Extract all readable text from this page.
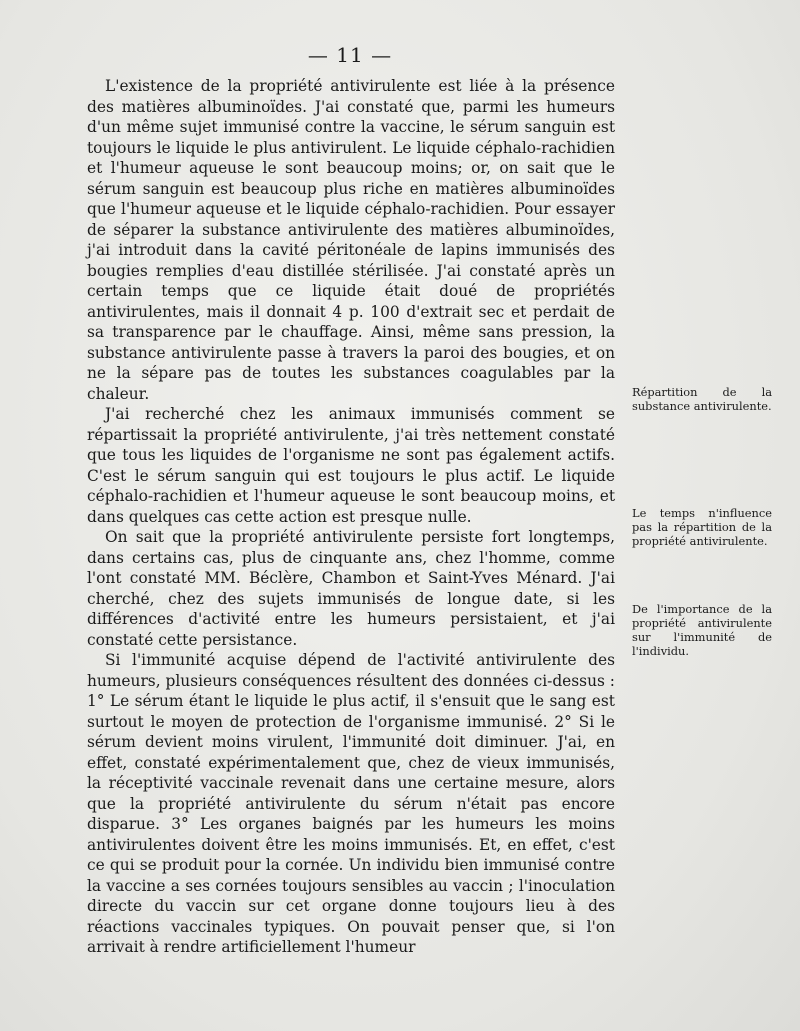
— 11 —

L'existence de la propriété antivirulente est liée à la présence des matières albuminoïdes. J'ai constaté que, parmi les humeurs d'un même sujet immunisé contre la vaccine, le sérum sanguin est toujours le liquide le plus antivirulent. Le liquide céphalo-rachidien et l'humeur aqueuse le sont beaucoup moins; or, on sait que le sérum sanguin est beaucoup plus riche en matières albuminoïdes que l'humeur aqueuse et le liquide céphalo-rachidien. Pour essayer de séparer la substance antivirulente des matières albuminoïdes, j'ai introduit dans la cavité péritonéale de lapins immunisés des bougies remplies d'eau distillée stérilisée. J'ai constaté après un certain temps que ce liquide était doué de propriétés antivirulentes, mais il donnait 4 p. 100 d'extrait sec et perdait de sa transparence par le chauffage. Ainsi, même sans pression, la substance antivirulente passe à travers la paroi des bougies, et on ne la sépare pas de toutes les substances coagulables par la chaleur.

J'ai recherché chez les animaux immunisés comment se répartissait la propriété antivirulente, j'ai très nettement constaté que tous les liquides de l'organisme ne sont pas également actifs. C'est le sérum sanguin qui est toujours le plus actif. Le liquide céphalo-rachidien et l'humeur aqueuse le sont beaucoup moins, et dans quelques cas cette action est presque nulle.

On sait que la propriété antivirulente persiste fort longtemps, dans certains cas, plus de cinquante ans, chez l'homme, comme l'ont constaté MM. Béclère, Chambon et Saint-Yves Ménard. J'ai cherché, chez des sujets immunisés de longue date, si les différences d'activité entre les humeurs persistaient, et j'ai constaté cette persistance.

Si l'immunité acquise dépend de l'activité antivirulente des humeurs, plusieurs conséquences résultent des données ci-dessus : 1° Le sérum étant le liquide le plus actif, il s'ensuit que le sang est surtout le moyen de protection de l'organisme immunisé. 2° Si le sérum devient moins virulent, l'immunité doit diminuer. J'ai, en effet, constaté expérimentalement que, chez de vieux immunisés, la réceptivité vaccinale revenait dans une certaine mesure, alors que la propriété antivirulente du sérum n'était pas encore disparue. 3° Les organes baignés par les humeurs les moins antivirulentes doivent être les moins immunisés. Et, en effet, c'est ce qui se produit pour la cornée. Un individu bien immunisé contre la vaccine a ses cornées toujours sensibles au vaccin ; l'inoculation directe du vaccin sur cet organe donne toujours lieu à des réactions vaccinales typiques. On pouvait penser que, si l'on arrivait à rendre artificiellement l'humeur

Répartition de la substance antivirulente.
Le temps n'influence pas la répartition de la propriété antivirulente.
De l'importance de la propriété antivirulente sur l'immunité de l'individu.
